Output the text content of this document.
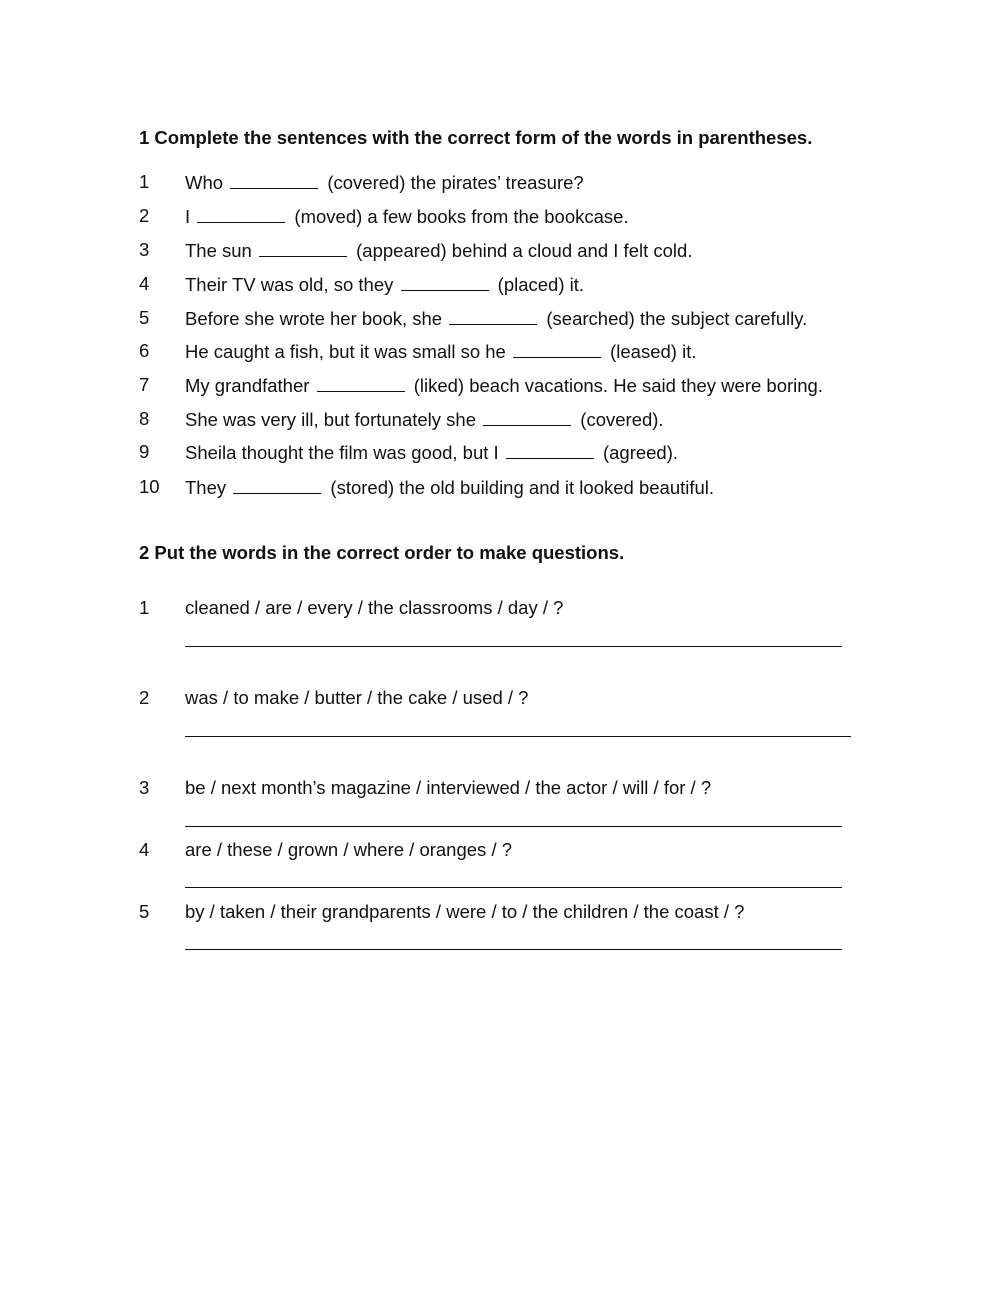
1 Complete the sentences with the correct form of the words in parentheses.
1 Who	(covered) the pirates’ treasure?
2 I	(moved) a few books from the bookcase.
3 The sun	(appeared) behind a cloud and I felt cold.
4 Their TV was old, so they	(placed) it.
5 Before she wrote her book, she	(searched) the subject carefully.
6 He caught a fish, but it was small so he	(leased) it.
7 My grandfather	(liked) beach vacations. He said they were boring.
8 She was very ill, but fortunately she	(covered).
9 Sheila thought the film was good, but I	(agreed).
10 They	(stored) the old building and it looked beautiful.
2 Put the words in the correct order to make questions.
1 cleaned / are / every / the classrooms / day / ?
2 was / to make / butter / the cake / used / ?
3 be / next month’s magazine / interviewed / the actor / will / for / ?
4 are / these / grown / where / oranges / ?
5 by / taken / their grandparents / were / to / the children / the coast / ?
